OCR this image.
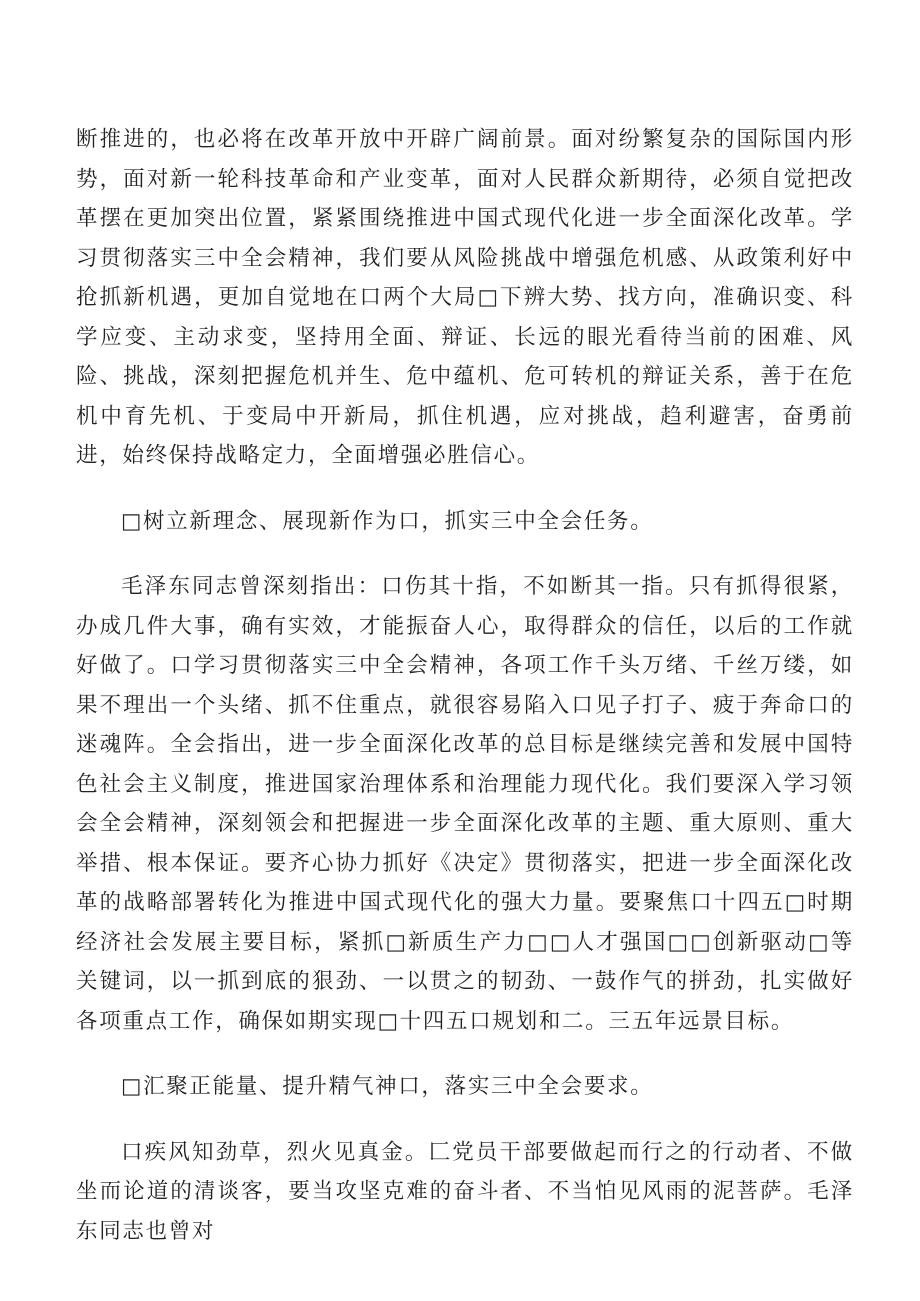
断推进的，也必将在改革开放中开辟广阔前景。面对纷繁复杂的国际国内形势，面对新一轮科技革命和产业变革，面对人民群众新期待，必须自觉把改革摆在更加突出位置，紧紧围绕推进中国式现代化进一步全面深化改革。学习贯彻落实三中全会精神，我们要从风险挑战中增强危机感、从政策利好中抢抓新机遇，更加自觉地在口两个大局□下辨大势、找方向，准确识变、科学应变、主动求变，坚持用全面、辩证、长远的眼光看待当前的困难、风险、挑战，深刻把握危机并生、危中蕴机、危可转机的辩证关系，善于在危机中育先机、于变局中开新局，抓住机遇，应对挑战，趋利避害，奋勇前进，始终保持战略定力，全面增强必胜信心。

□树立新理念、展现新作为口，抓实三中全会任务。

毛泽东同志曾深刻指出：口伤其十指，不如断其一指。只有抓得很紧，办成几件大事，确有实效，才能振奋人心，取得群众的信任，以后的工作就好做了。口学习贯彻落实三中全会精神，各项工作千头万绪、千丝万缕，如果不理出一个头绪、抓不住重点，就很容易陷入口见子打子、疲于奔命口的迷魂阵。全会指出，进一步全面深化改革的总目标是继续完善和发展中国特色社会主义制度，推进国家治理体系和治理能力现代化。我们要深入学习领会全会精神，深刻领会和把握进一步全面深化改革的主题、重大原则、重大举措、根本保证。要齐心协力抓好《决定》贯彻落实，把进一步全面深化改革的战略部署转化为推进中国式现代化的强大力量。要聚焦口十四五□时期经济社会发展主要目标，紧抓□新质生产力□□人才强国□□创新驱动□等关键词，以一抓到底的狠劲、一以贯之的韧劲、一鼓作气的拼劲，扎实做好各项重点工作，确保如期实现□十四五口规划和二。三五年远景目标。

□汇聚正能量、提升精气神口，落实三中全会要求。

口疾风知劲草，烈火见真金。匚党员干部要做起而行之的行动者、不做坐而论道的清谈客，要当攻坚克难的奋斗者、不当怕见风雨的泥菩萨。毛泽东同志也曾对
